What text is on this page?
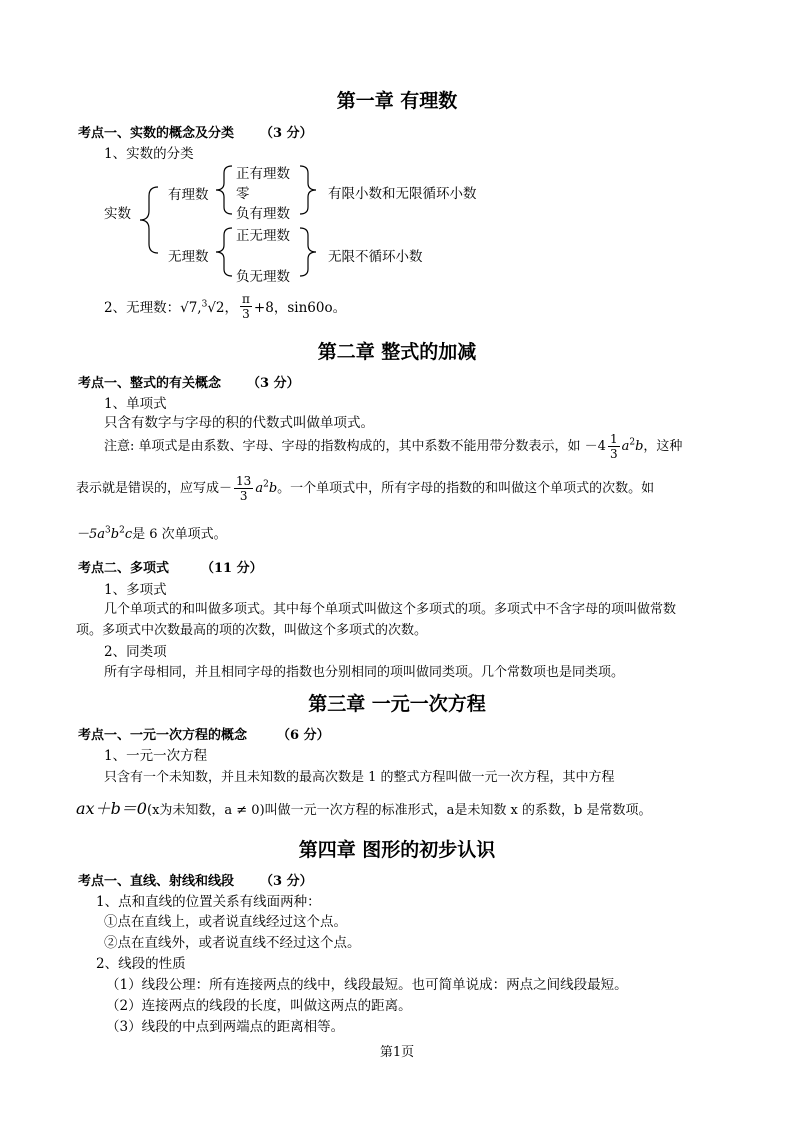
第一章 有理数
考点一、实数的概念及分类 （3 分）
1、实数的分类
实数
有理数
正有理数
零
负有理数
有限小数和无限循环小数
无理数
正无理数
负无理数
无限不循环小数
2、无理数：√7,$^3$√2， $\frac{\pi}{3} +8$，sin60o。
第二章 整式的加减
考点一、整式的有关概念 （3 分）
1、单项式
只含有数字与字母的积的代数式叫做单项式。
注意: 单项式是由系数、字母、字母的指数构成的，其中系数不能用带分数表示，如 $-4 \frac{1}{3} a^2b$，这种
表示就是错误的，应写成－ $\frac{13}{3} a^2b$。一个单项式中，所有字母的指数的和叫做这个单项式的次数。如
$-5a^3b^2c$是 6 次单项式。
考点二、多项式 （11 分）
1、多项式
几个单项式的和叫做多项式。其中每个单项式叫做这个多项式的项。多项式中不含字母的项叫做常数
项。多项式中次数最高的项的次数，叫做这个多项式的次数。
2、同类项
所有字母相同，并且相同字母的指数也分别相同的项叫做同类项。几个常数项也是同类项。
第三章 一元一次方程
考点一、一元一次方程的概念 （6 分）
1、一元一次方程
只含有一个未知数，并且未知数的最高次数是 1 的整式方程叫做一元一次方程，其中方程
ax＋b＝0(x为未知数，a ≠ 0)叫做一元一次方程的标准形式，a是未知数 x 的系数，b 是常数项。
第四章 图形的初步认识
考点一、直线、射线和线段 （3 分）
1、点和直线的位置关系有线面两种：
①点在直线上，或者说直线经过这个点。
②点在直线外，或者说直线不经过这个点。
2、线段的性质
（1）线段公理：所有连接两点的线中，线段最短。也可简单说成：两点之间线段最短。
（2）连接两点的线段的长度，叫做这两点的距离。
（3）线段的中点到两端点的距离相等。
第1页
